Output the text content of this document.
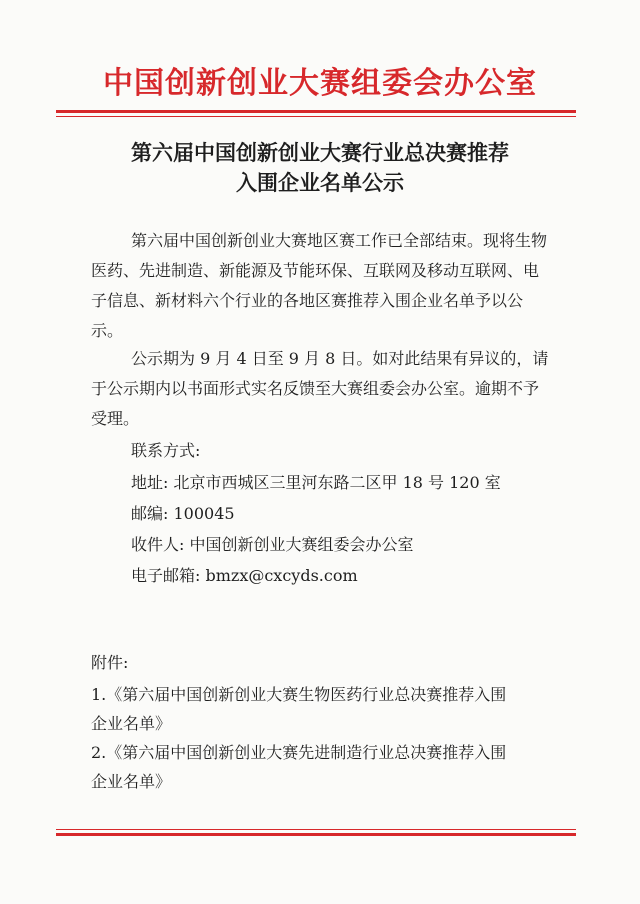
中国创新创业大赛组委会办公室
第六届中国创新创业大赛行业总决赛推荐
入围企业名单公示

第六届中国创新创业大赛地区赛工作已全部结束。现将生物医药、先进制造、新能源及节能环保、互联网及移动互联网、电子信息、新材料六个行业的各地区赛推荐入围企业名单予以公示。

公示期为 9 月 4 日至 9 月 8 日。如对此结果有异议的，请于公示期内以书面形式实名反馈至大赛组委会办公室。逾期不予受理。

联系方式:
地址: 北京市西城区三里河东路二区甲 18 号 120 室
邮编: 100045
收件人: 中国创新创业大赛组委会办公室
电子邮箱: bmzx@cxcyds.com
附件:
1.《第六届中国创新创业大赛生物医药行业总决赛推荐入围
企业名单》
2.《第六届中国创新创业大赛先进制造行业总决赛推荐入围
企业名单》
